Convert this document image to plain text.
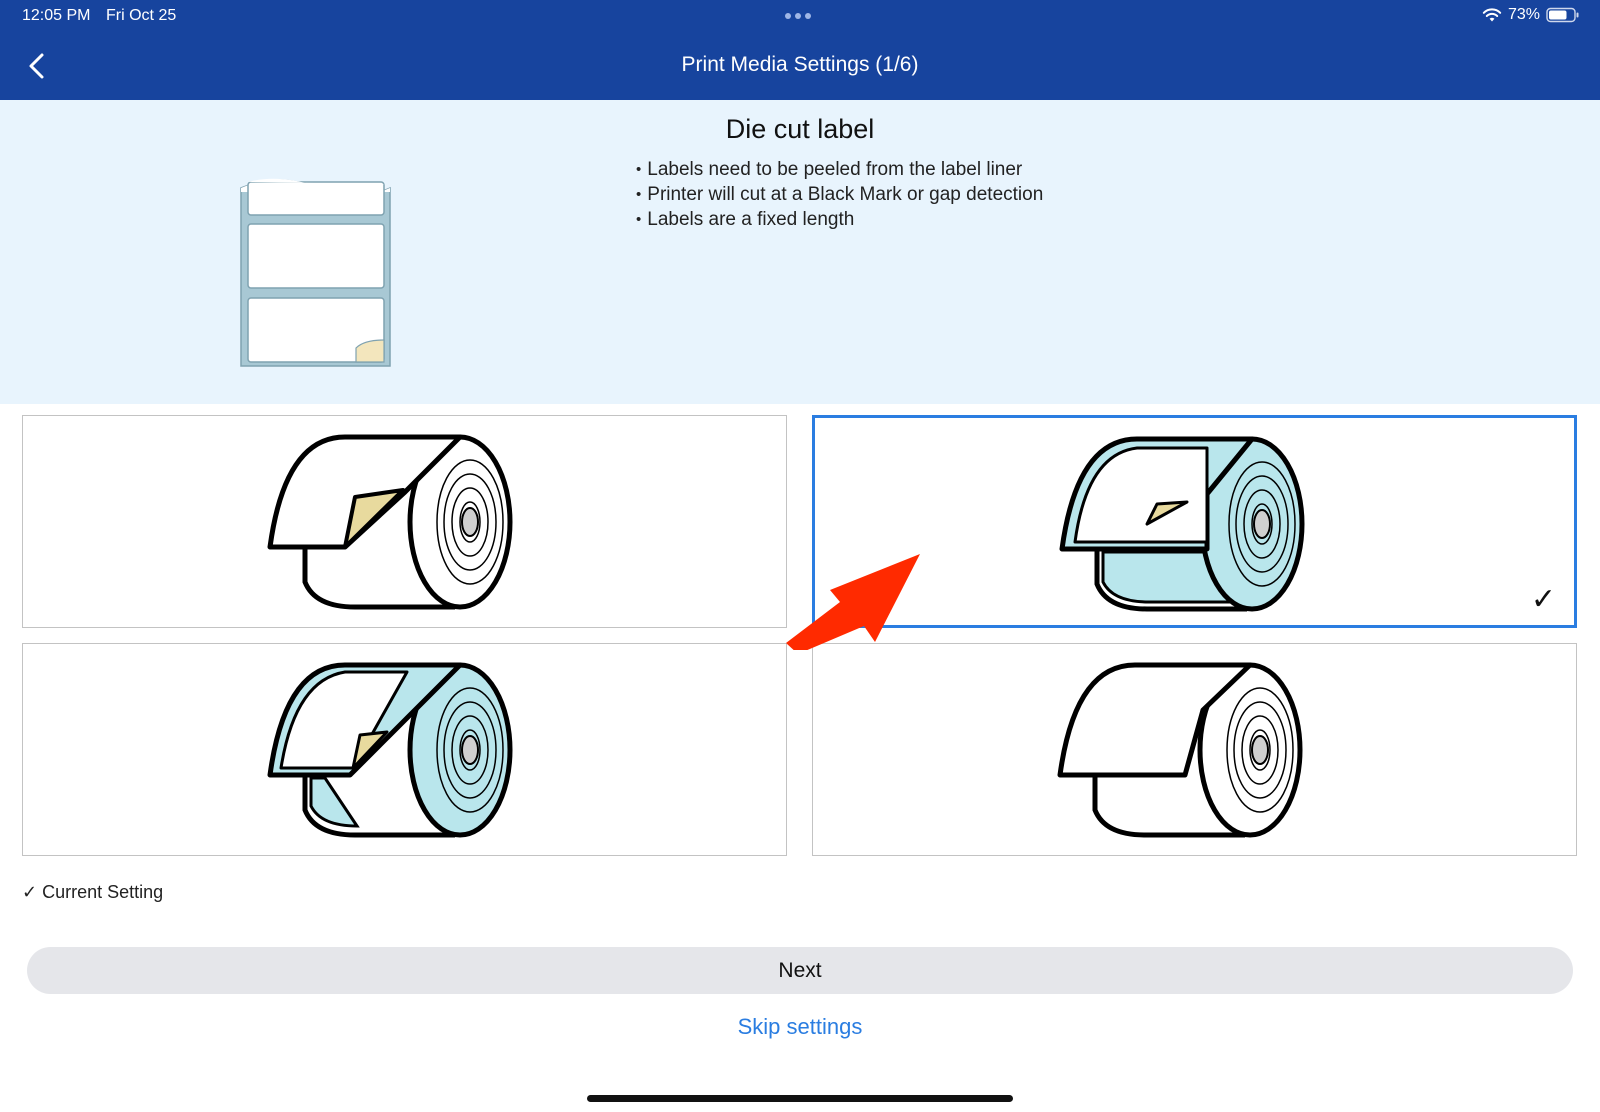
12:05 PM Fri Oct 25	73%
Print Media Settings (1/6)
Die cut label
• Labels need to be peeled from the label liner
• Printer will cut at a Black Mark or gap detection
• Labels are a fixed length
✓
✓ Current Setting
Next
Skip settings
